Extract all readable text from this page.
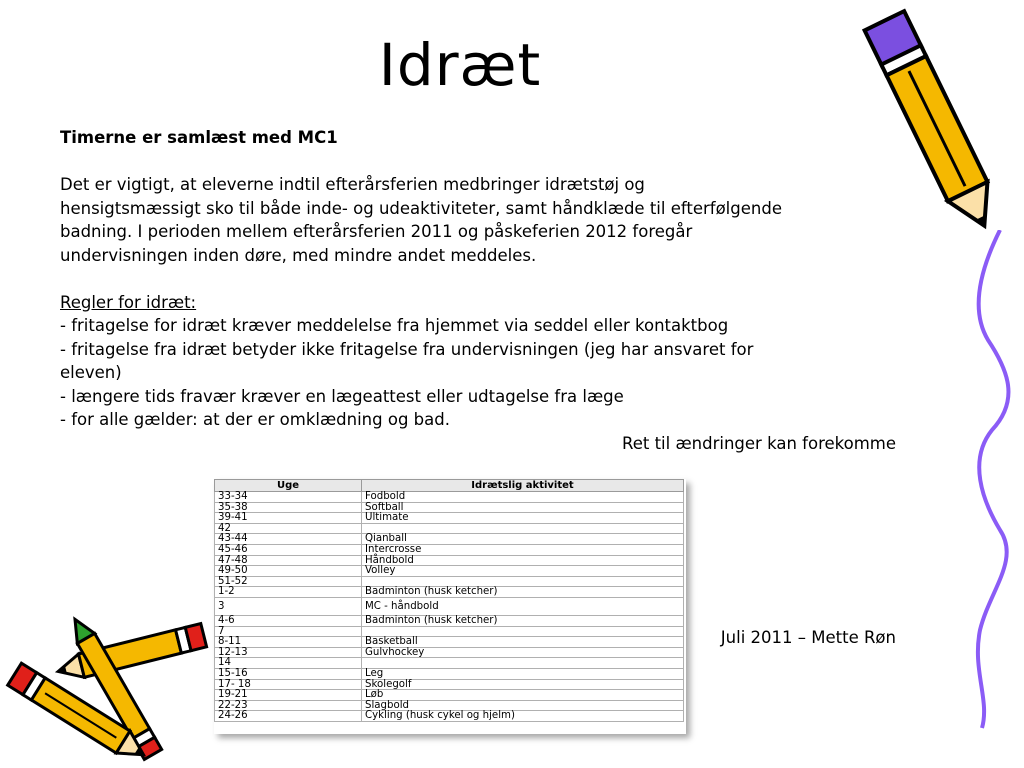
Idræt

Timerne er samlæst med MC1

Det er vigtigt, at eleverne indtil efterårsferien medbringer idrætstøj og

hensigtsmæssigt sko til både inde- og udeaktiviteter, samt håndklæde til efterfølgende

badning. I perioden mellem efterårsferien 2011 og påskeferien 2012 foregår

undervisningen inden døre, med mindre andet meddeles.

Regler for idræt:

- fritagelse for idræt kræver meddelelse fra hjemmet via seddel eller kontaktbog

- fritagelse fra idræt betyder ikke fritagelse fra undervisningen (jeg har ansvaret for

eleven)

- længere tids fravær kræver en lægeattest eller udtagelse fra læge

- for alle gælder: at der er omklædning og bad.

Ret til ændringer kan forekomme

Uge	Idrætslig aktivitet
33-34	Fodbold
35-38	Softball
39-41	Ultimate
42	
43-44	Qianball
45-46	Intercrosse
47-48	Håndbold
49-50	Volley
51-52	
1-2	Badminton (husk ketcher)
3	MC - håndbold
4-6	Badminton (husk ketcher)
7	
8-11	Basketball
12-13	Gulvhockey
14	
15-16	Leg
17- 18	Skolegolf
19-21	Løb
22-23	Slagbold
24-26	Cykling (husk cykel og hjelm)
Juli 2011 – Mette Røn
